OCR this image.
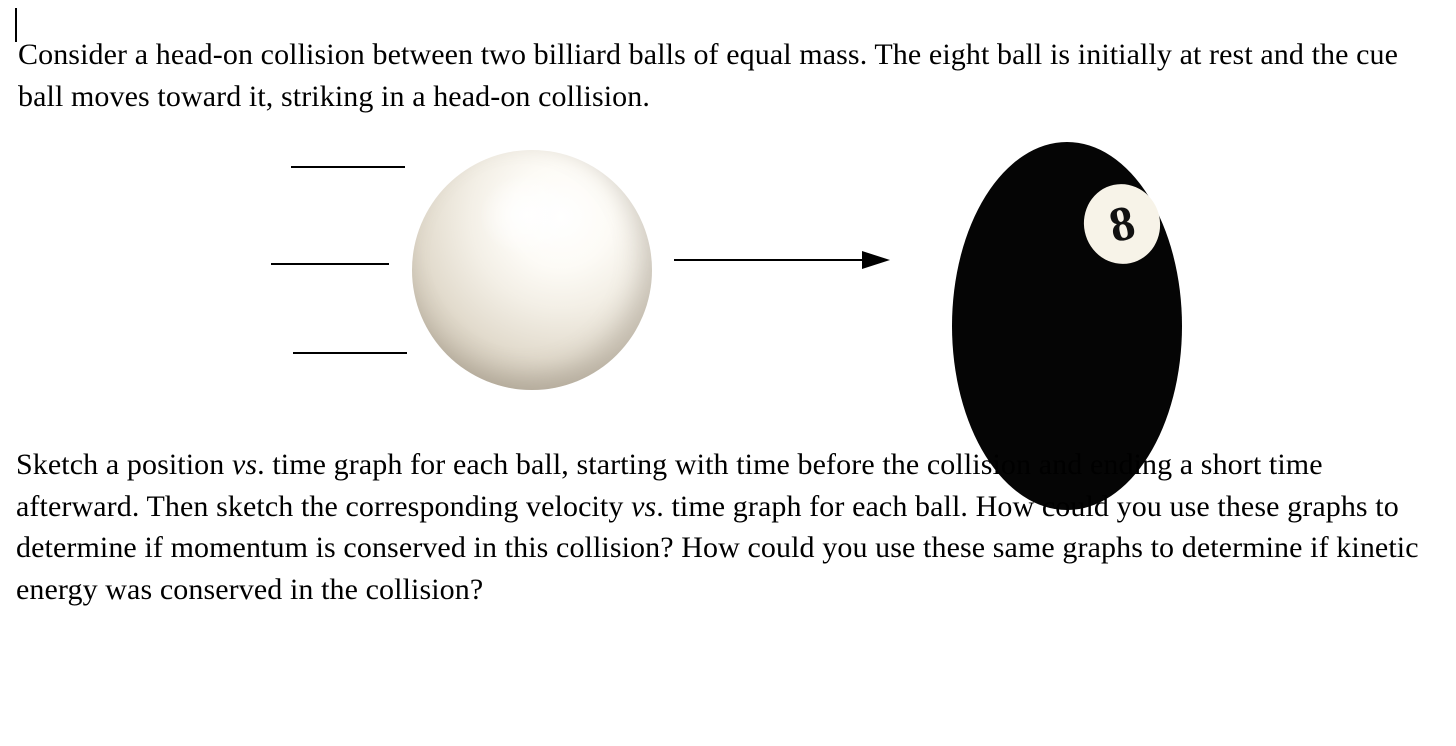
Consider a head-on collision between two billiard balls of equal mass. The eight ball is initially at rest and the cue ball moves toward it, striking in a head-on collision.

8

Sketch a position vs. time graph for each ball, starting with time before the collision and ending a short time afterward. Then sketch the corresponding velocity vs. time graph for each ball. How could you use these graphs to determine if momentum is conserved in this collision? How could you use these same graphs to determine if kinetic energy was conserved in the collision?
